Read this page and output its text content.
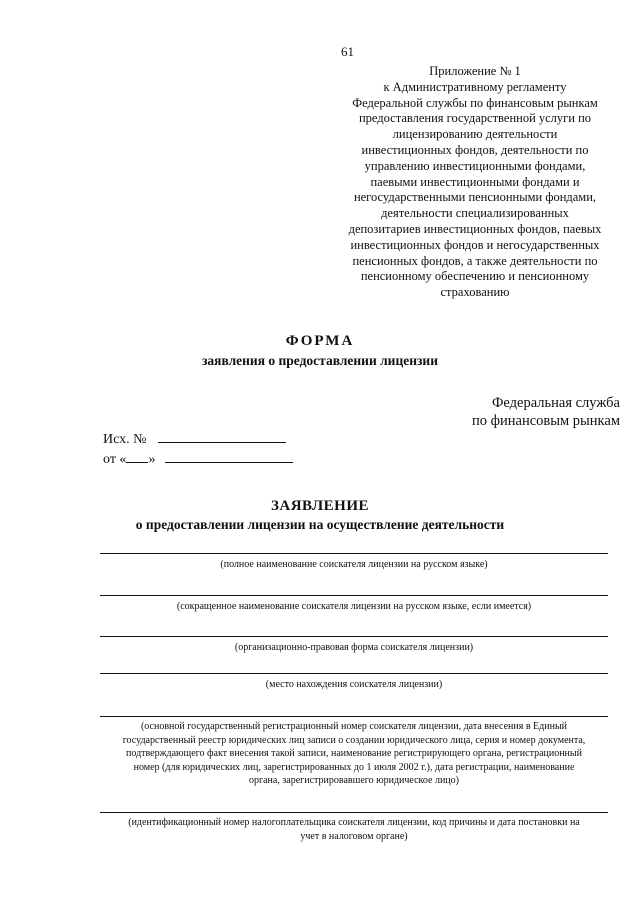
61
Приложение № 1
к Административному регламенту
Федеральной службы по финансовым рынкам
предоставления государственной услуги по
лицензированию деятельности
инвестиционных фондов, деятельности по
управлению инвестиционными фондами,
паевыми инвестиционными фондами и
негосударственными пенсионными фондами,
деятельности специализированных
депозитариев инвестиционных фондов, паевых
инвестиционных фондов и негосударственных
пенсионных фондов, а также деятельности по
пенсионному обеспечению и пенсионному
страхованию
ФОРМА
заявления о предоставлении лицензии
Федеральная служба
по финансовым рынкам
Исх. №
от « »
ЗАЯВЛЕНИЕ
о предоставлении лицензии на осуществление деятельности
(полное наименование соискателя лицензии на русском языке)
(сокращенное наименование соискателя лицензии на русском языке, если имеется)
(организационно-правовая форма соискателя лицензии)
(место нахождения соискателя лицензии)
(основной государственный регистрационный номер соискателя лицензии, дата внесения в Единый
государственный реестр юридических лиц записи о создании юридического лица, серия и номер документа,
подтверждающего факт внесения такой записи, наименование регистрирующего органа, регистрационный
номер (для юридических лиц, зарегистрированных до 1 июля 2002 г.), дата регистрации, наименование
органа, зарегистрировавшего юридическое лицо)
(идентификационный номер налогоплательщика соискателя лицензии, код причины и дата постановки на
учет в налоговом органе)
